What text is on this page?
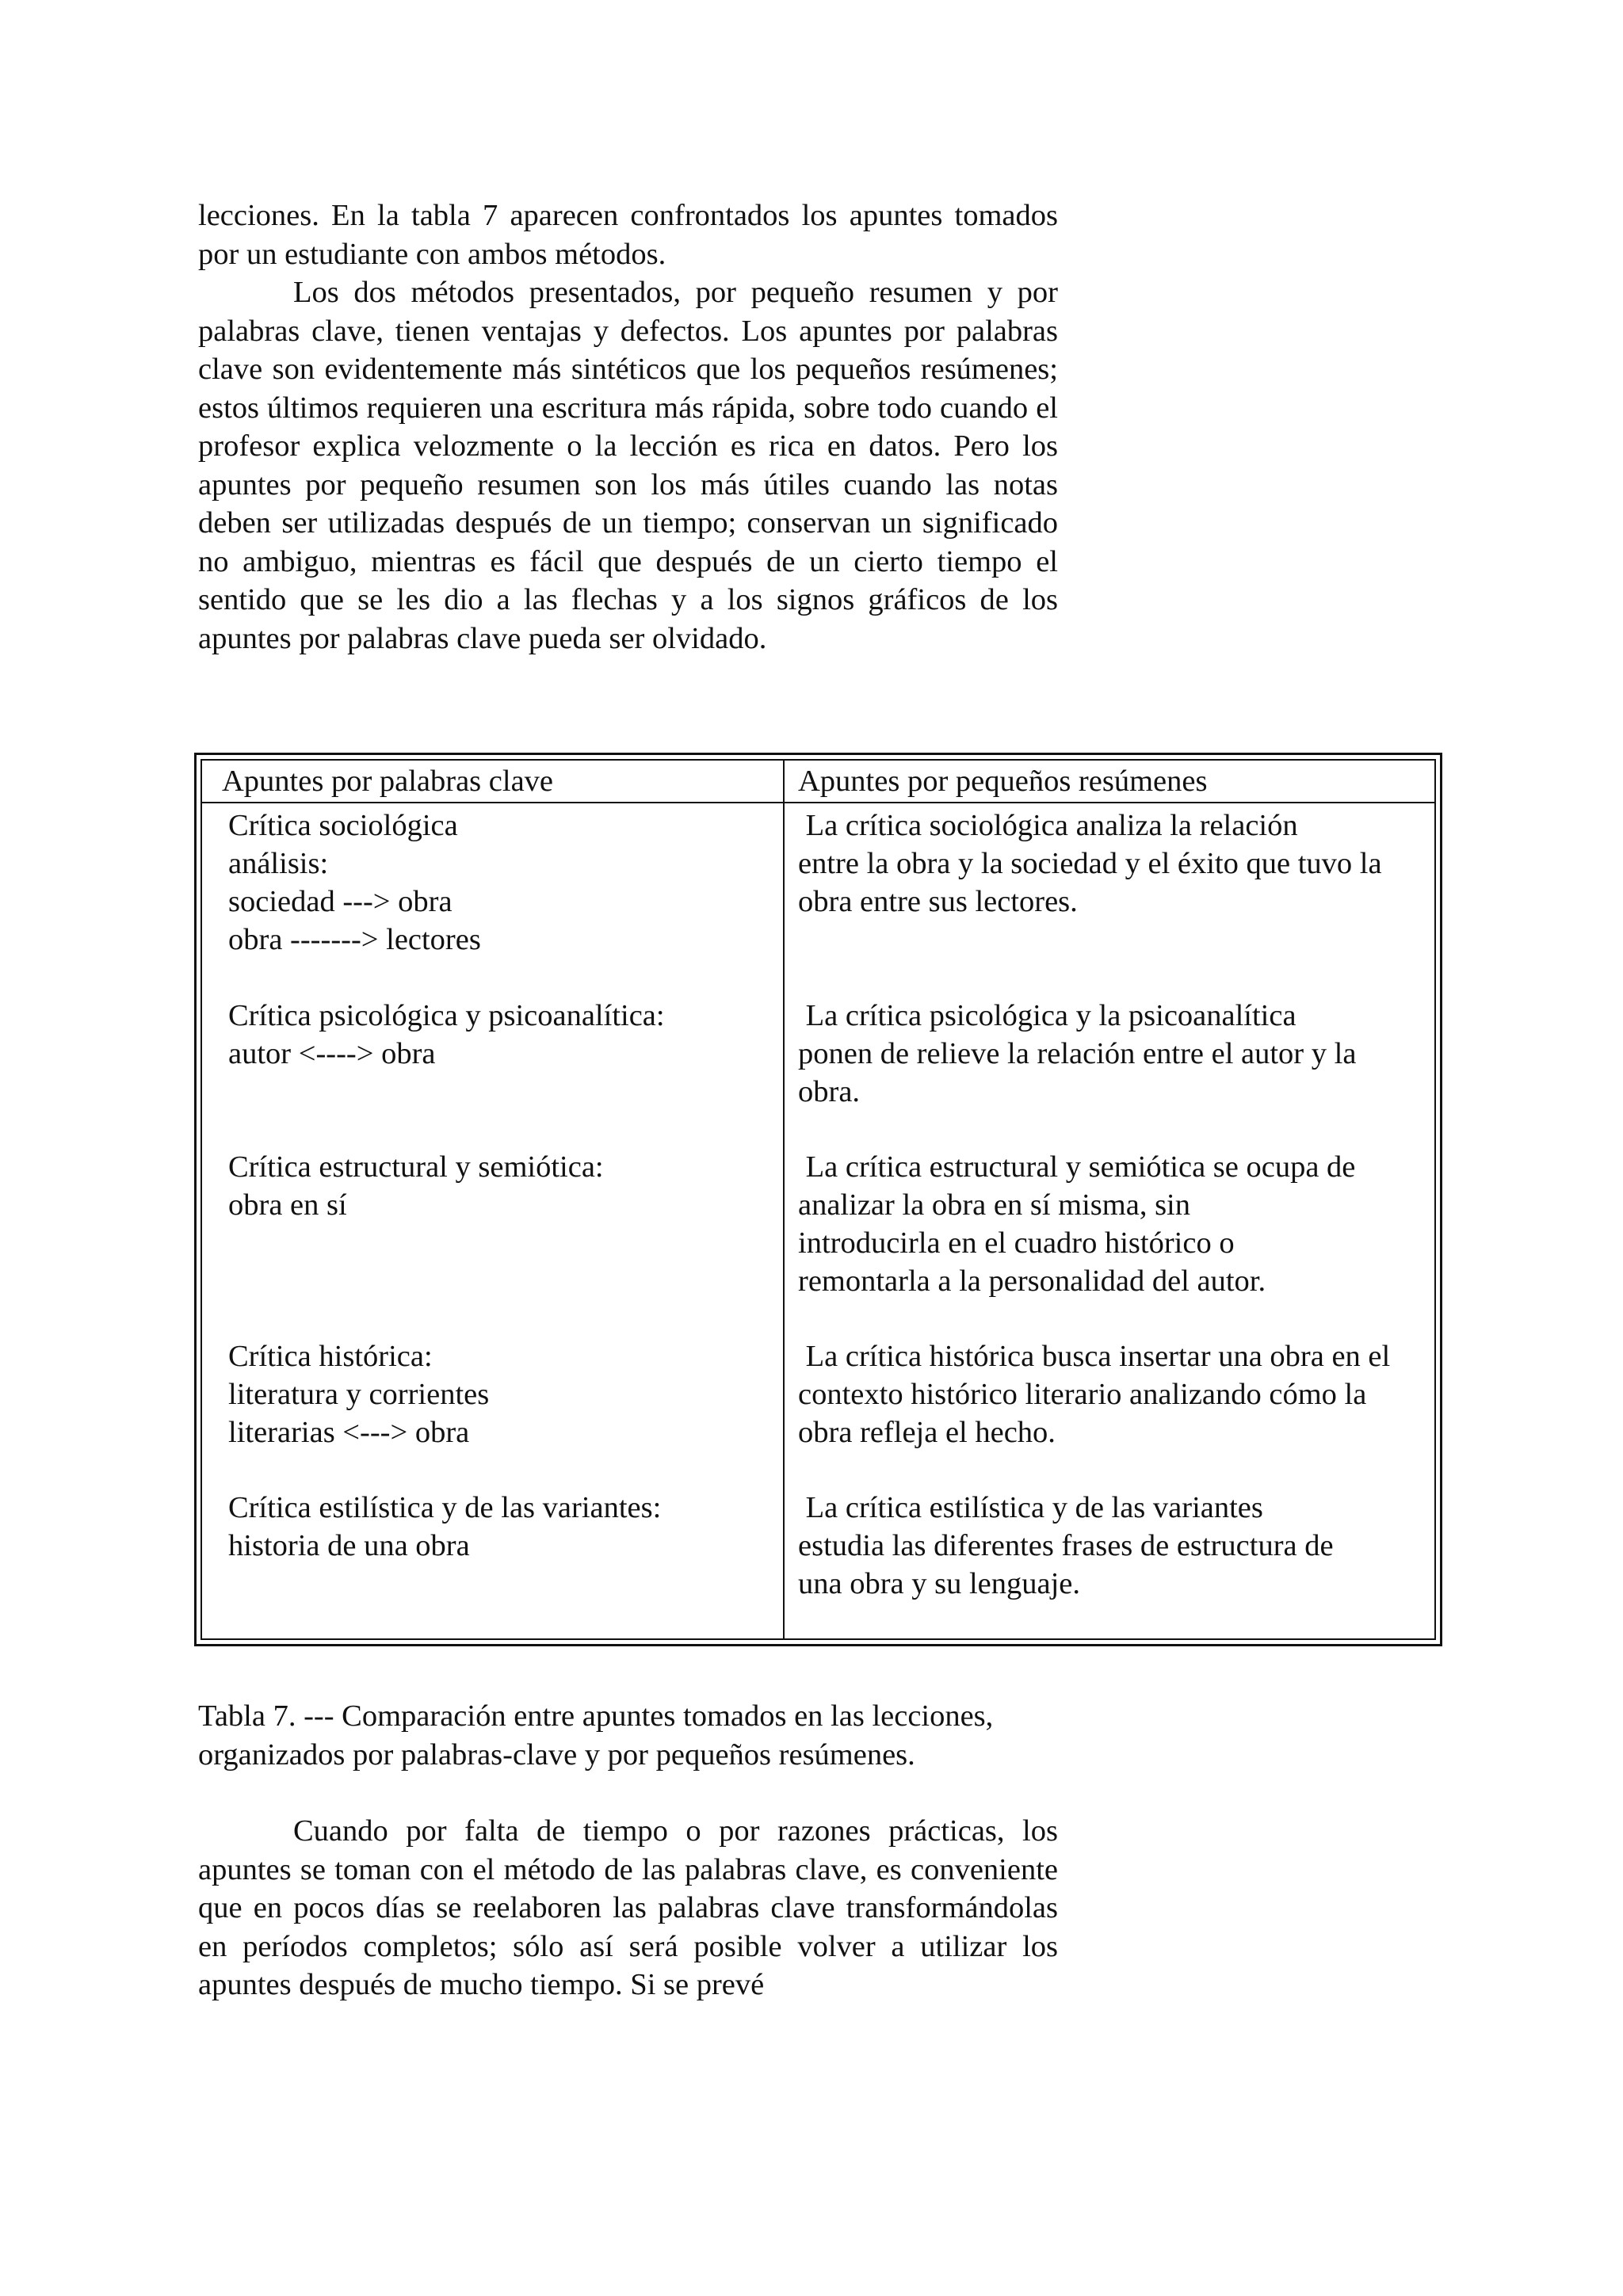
lecciones. En la tabla 7 aparecen confrontados los apuntes tomados por un estudiante con ambos métodos.

Los dos métodos presentados, por pequeño resumen y por palabras clave, tienen ventajas y defectos. Los apuntes por palabras clave son evidentemente más sintéticos que los pequeños resúmenes; estos últimos requieren una escritura más rápida, sobre todo cuando el profesor explica velozmente o la lección es rica en datos. Pero los apuntes por pequeño resumen son los más útiles cuando las notas deben ser utilizadas después de un tiempo; conservan un significado no ambiguo, mientras es fácil que después de un cierto tiempo el sentido que se les dio a las flechas y a los signos gráficos de los apuntes por palabras clave pueda ser olvidado.

Apuntes por palabras clave	Apuntes por pequeños resúmenes
Crítica sociológica
análisis:
sociedad ---> obra
obra -------> lectores
La crítica sociológica analiza la relación
entre la obra y la sociedad y el éxito que tuvo la
obra entre sus lectores.
Crítica psicológica y psicoanalítica:
autor <----> obra
La crítica psicológica y la psicoanalítica
ponen de relieve la relación entre el autor y la
obra.
Crítica estructural y semiótica:
obra en sí
La crítica estructural y semiótica se ocupa de
analizar la obra en sí misma, sin
introducirla en el cuadro histórico o
remontarla a la personalidad del autor.
Crítica histórica:
literatura y corrientes
literarias <---> obra
La crítica histórica busca insertar una obra en el
contexto histórico literario analizando cómo la
obra refleja el hecho.
Crítica estilística y de las variantes:
historia de una obra
La crítica estilística y de las variantes
estudia las diferentes frases de estructura de
una obra y su lenguaje.

Tabla 7. --- Comparación entre apuntes tomados en las lecciones, organizados por palabras-clave y por pequeños resúmenes.

Cuando por falta de tiempo o por razones prácticas, los apuntes se toman con el método de las palabras clave, es conveniente que en pocos días se reelaboren las palabras clave transformándolas en períodos completos; sólo así será posible volver a utilizar los apuntes después de mucho tiempo. Si se prevé
